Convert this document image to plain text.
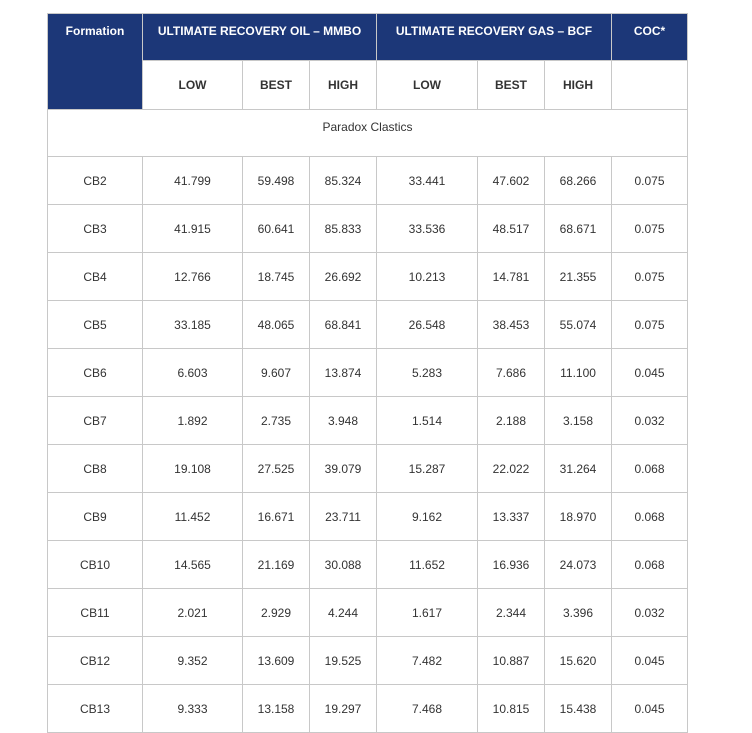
Formation	ULTIMATE RECOVERY OIL – MMBO			ULTIMATE RECOVERY GAS – BCF			COC*
	LOW	BEST	HIGH	LOW	BEST	HIGH	
Paradox Clastics							
CB2	41.799	59.498	85.324	33.441	47.602	68.266	0.075
CB3	41.915	60.641	85.833	33.536	48.517	68.671	0.075
CB4	12.766	18.745	26.692	10.213	14.781	21.355	0.075
CB5	33.185	48.065	68.841	26.548	38.453	55.074	0.075
CB6	6.603	9.607	13.874	5.283	7.686	11.100	0.045
CB7	1.892	2.735	3.948	1.514	2.188	3.158	0.032
CB8	19.108	27.525	39.079	15.287	22.022	31.264	0.068
CB9	11.452	16.671	23.711	9.162	13.337	18.970	0.068
CB10	14.565	21.169	30.088	11.652	16.936	24.073	0.068
CB11	2.021	2.929	4.244	1.617	2.344	3.396	0.032
CB12	9.352	13.609	19.525	7.482	10.887	15.620	0.045
CB13	9.333	13.158	19.297	7.468	10.815	15.438	0.045
